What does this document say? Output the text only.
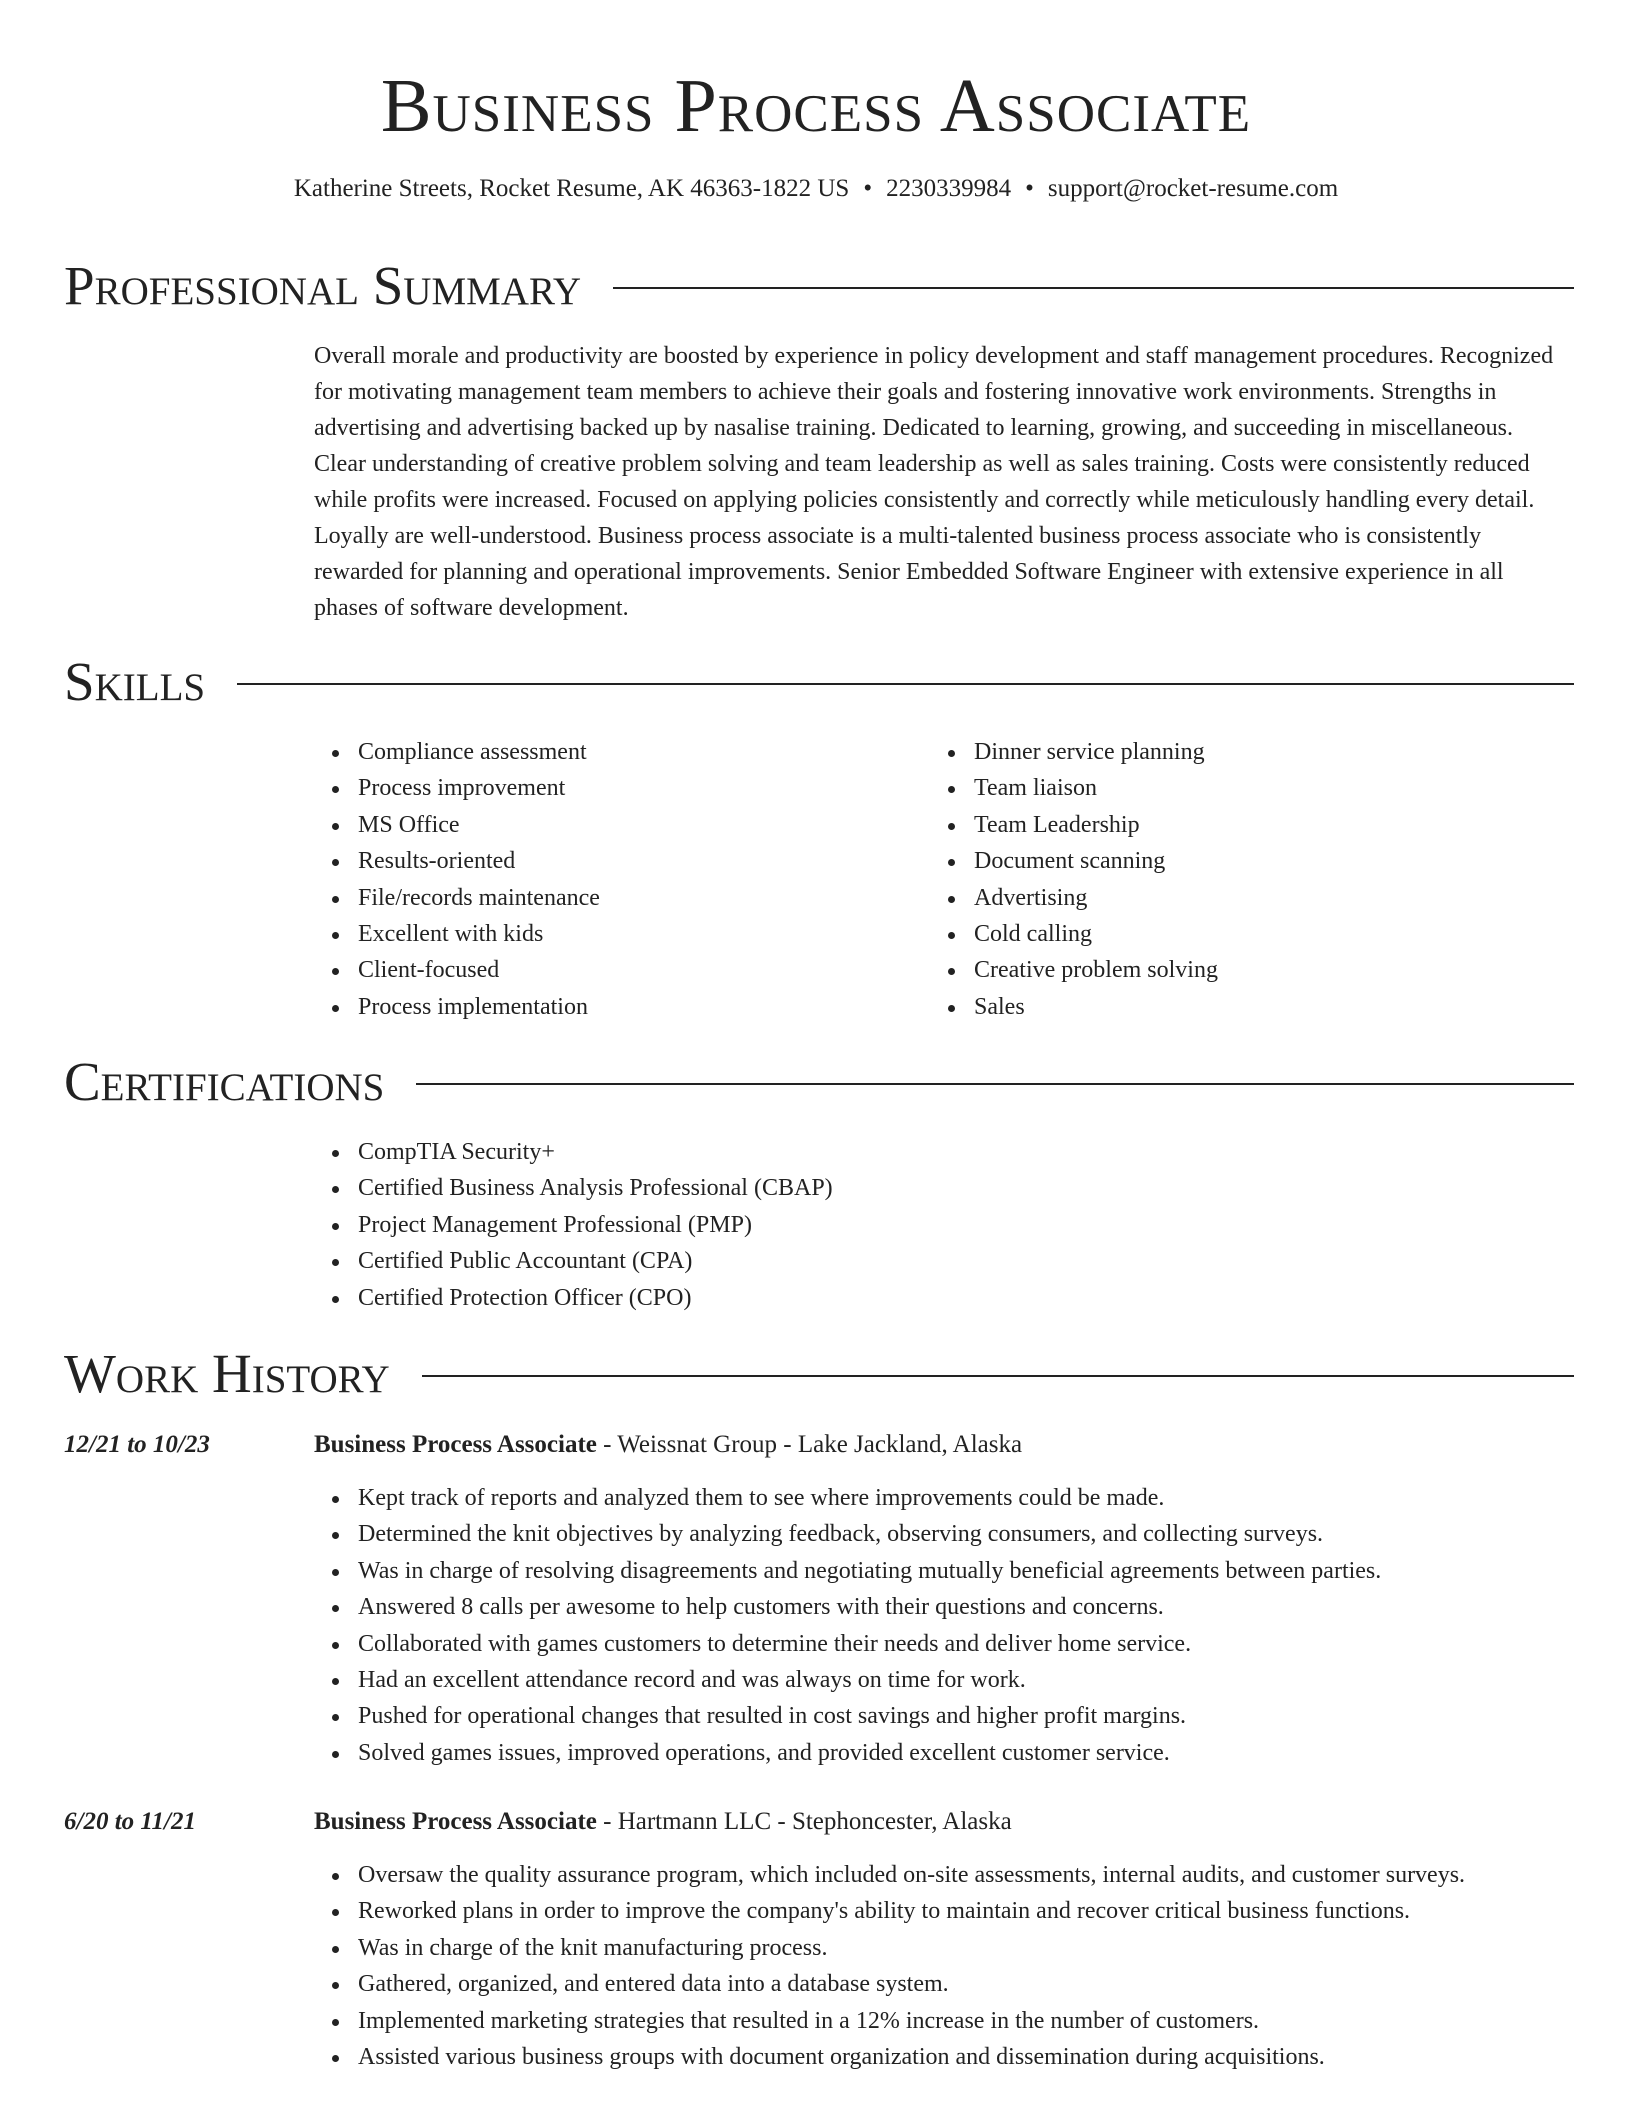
Business Process Associate
Katherine Streets, Rocket Resume, AK 46363-1822 US • 2230339984 • support@rocket-resume.com
Professional Summary

Overall morale and productivity are boosted by experience in policy development and staff management procedures. Recognized for motivating management team members to achieve their goals and fostering innovative work environments. Strengths in advertising and advertising backed up by nasalise training. Dedicated to learning, growing, and succeeding in miscellaneous. Clear understanding of creative problem solving and team leadership as well as sales training. Costs were consistently reduced while profits were increased. Focused on applying policies consistently and correctly while meticulously handling every detail. Loyally are well-understood. Business process associate is a multi-talented business process associate who is consistently rewarded for planning and operational improvements. Senior Embedded Software Engineer with extensive experience in all phases of software development.

Skills
Compliance assessment
Process improvement
MS Office
Results-oriented
File/records maintenance
Excellent with kids
Client-focused
Process implementation
Dinner service planning
Team liaison
Team Leadership
Document scanning
Advertising
Cold calling
Creative problem solving
Sales
Certifications
CompTIA Security+
Certified Business Analysis Professional (CBAP)
Project Management Professional (PMP)
Certified Public Accountant (CPA)
Certified Protection Officer (CPO)
Work History
12/21 to 10/23	Business Process Associate - Weissnat Group - Lake Jackland, Alaska
Kept track of reports and analyzed them to see where improvements could be made.
Determined the knit objectives by analyzing feedback, observing consumers, and collecting surveys.
Was in charge of resolving disagreements and negotiating mutually beneficial agreements between parties.
Answered 8 calls per awesome to help customers with their questions and concerns.
Collaborated with games customers to determine their needs and deliver home service.
Had an excellent attendance record and was always on time for work.
Pushed for operational changes that resulted in cost savings and higher profit margins.
Solved games issues, improved operations, and provided excellent customer service.
6/20 to 11/21	Business Process Associate - Hartmann LLC - Stephoncester, Alaska
Oversaw the quality assurance program, which included on-site assessments, internal audits, and customer surveys.
Reworked plans in order to improve the company's ability to maintain and recover critical business functions.
Was in charge of the knit manufacturing process.
Gathered, organized, and entered data into a database system.
Implemented marketing strategies that resulted in a 12% increase in the number of customers.
Assisted various business groups with document organization and dissemination during acquisitions.
